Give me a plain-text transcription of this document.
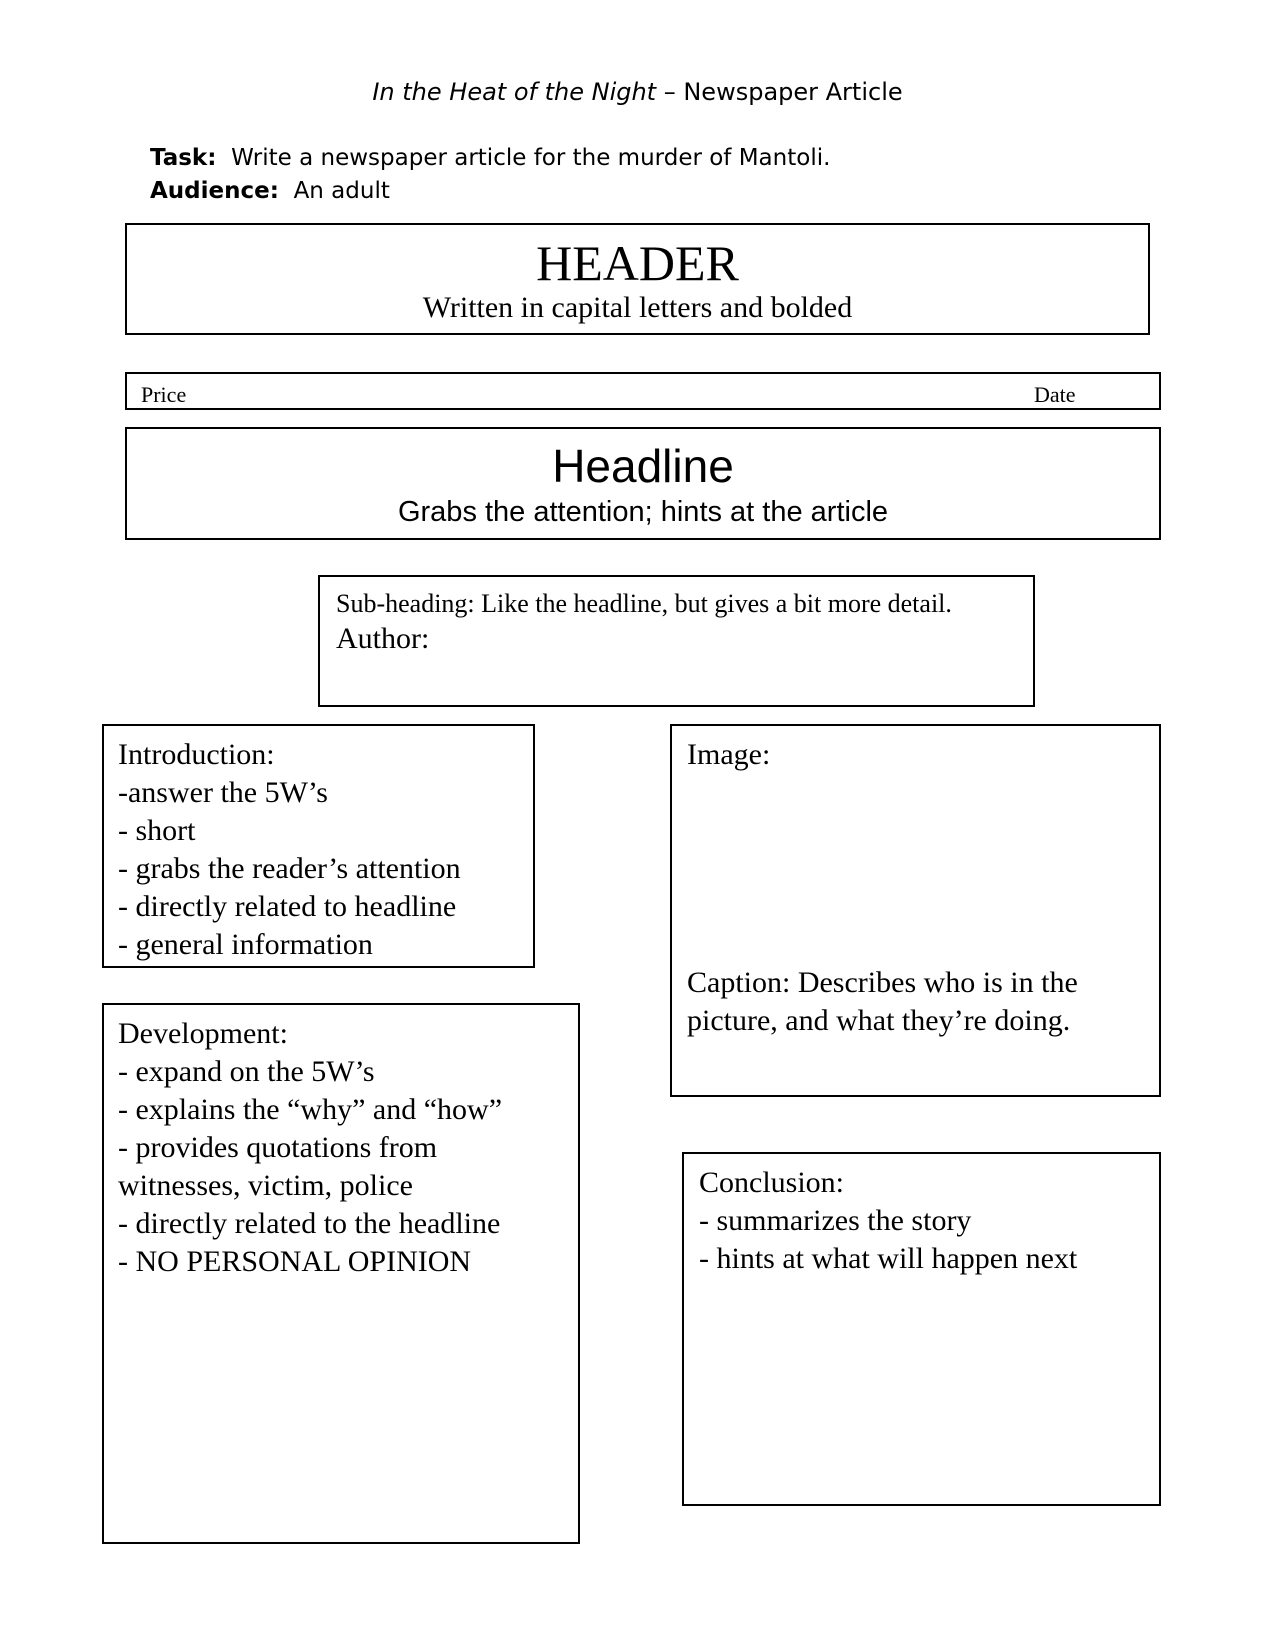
In the Heat of the Night – Newspaper Article
Task: Write a newspaper article for the murder of Mantoli.
Audience: An adult
HEADER
Written in capital letters and bolded
Price	Date
Headline
Grabs the attention; hints at the article
Sub-heading: Like the headline, but gives a bit more detail.
Author:
Introduction:
-answer the 5W’s
- short
- grabs the reader’s attention
- directly related to headline
- general information
Image:
Caption: Describes who is in the picture, and what they’re doing.
Development:
- expand on the 5W’s
- explains the “why” and “how”
- provides quotations from
witnesses, victim, police
- directly related to the headline
- NO PERSONAL OPINION
Conclusion:
- summarizes the story
- hints at what will happen next
